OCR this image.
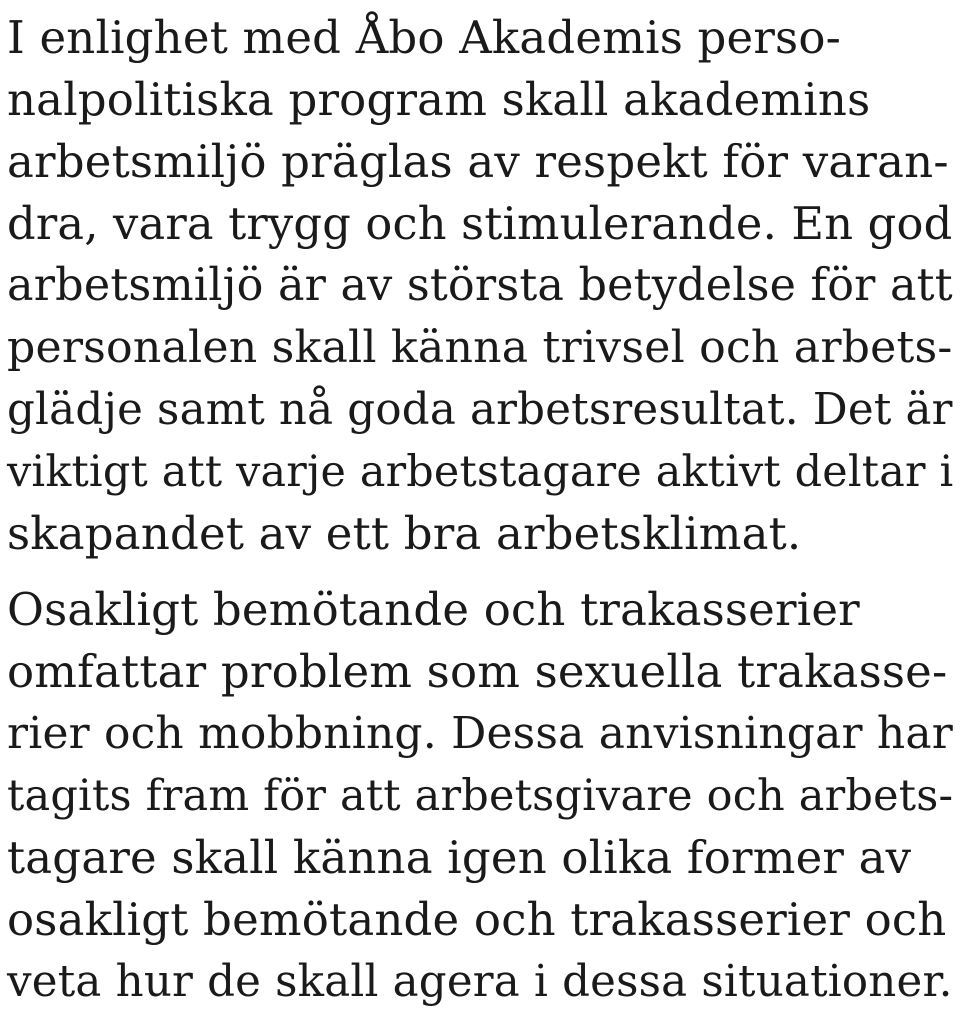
I enlighet med Åbo Akademis perso-
nalpolitiska program skall akademins
arbetsmiljö präglas av respekt för varan-
dra, vara trygg och stimulerande. En god
arbetsmiljö är av största betydelse för att
personalen skall känna trivsel och arbets-
glädje samt nå goda arbetsresultat. Det är
viktigt att varje arbetstagare aktivt deltar i
skapandet av ett bra arbetsklimat.
Osakligt bemötande och trakasserier
omfattar problem som sexuella trakasse-
rier och mobbning. Dessa anvisningar har
tagits fram för att arbetsgivare och arbets-
tagare skall känna igen olika former av
osakligt bemötande och trakasserier och
veta hur de skall agera i dessa situationer.
